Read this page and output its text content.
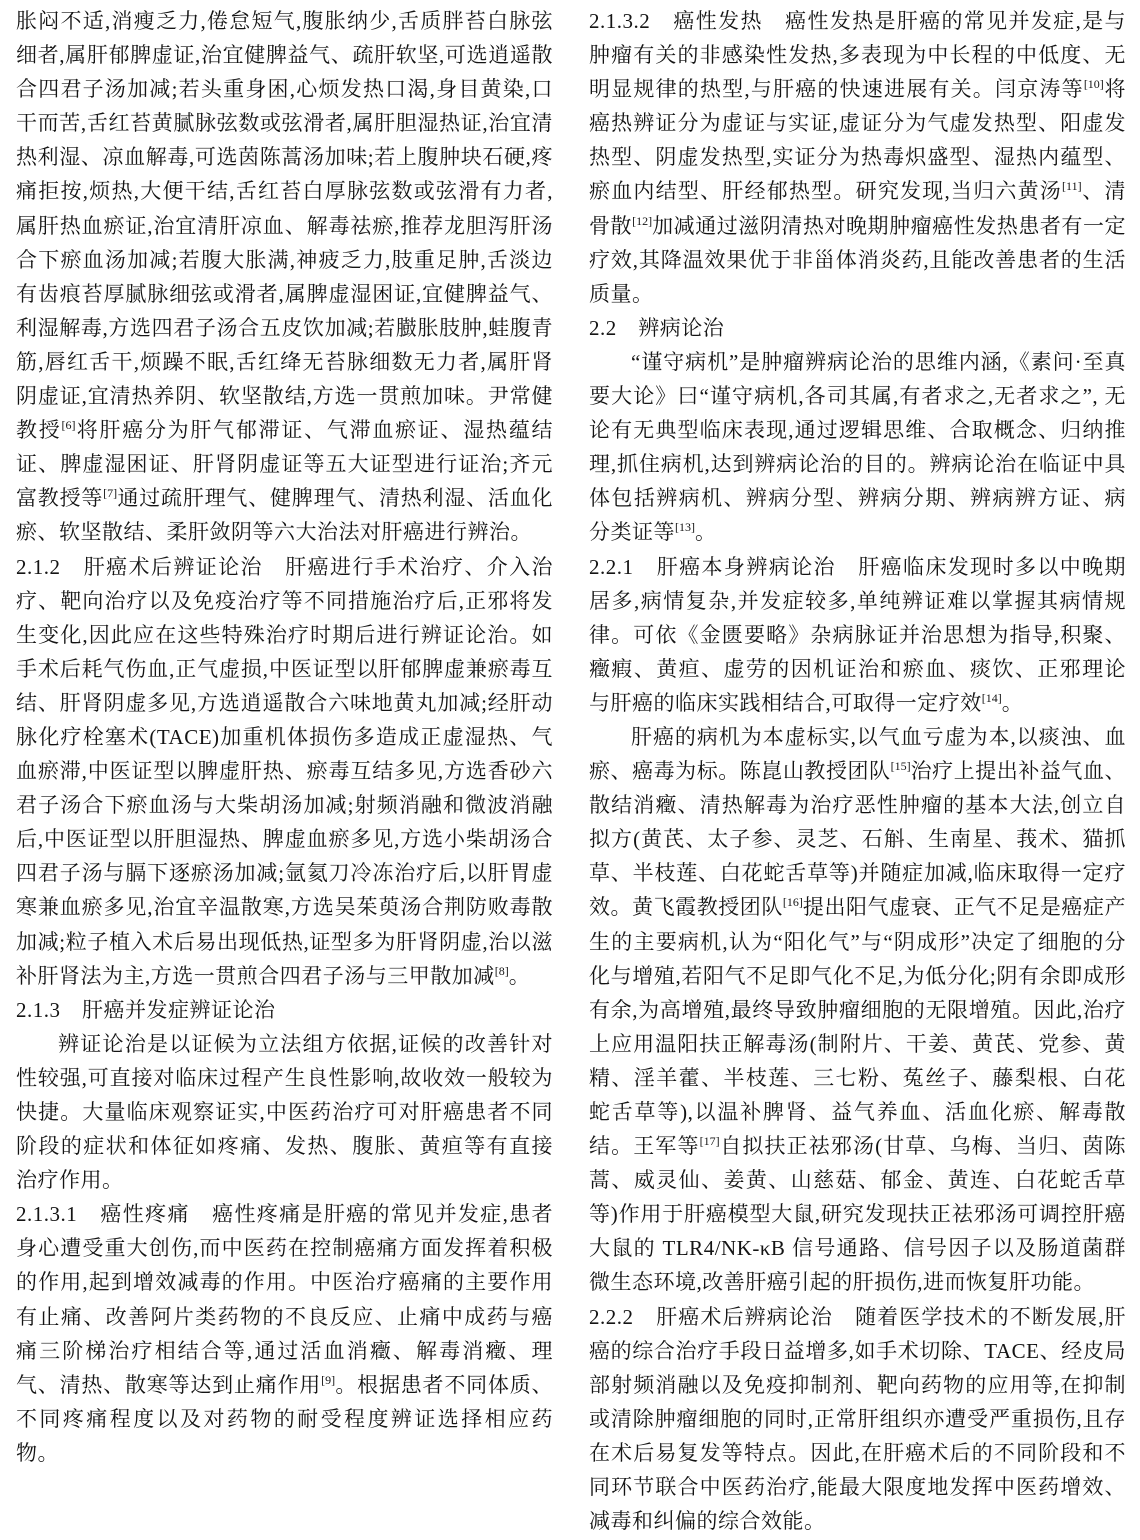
胀闷不适,消瘦乏力,倦怠短气,腹胀纳少,舌质胖苔白脉弦细者,属肝郁脾虚证,治宜健脾益气、疏肝软坚,可选逍遥散合四君子汤加减;若头重身困,心烦发热口渴,身目黄染,口干而苦,舌红苔黄腻脉弦数或弦滑者,属肝胆湿热证,治宜清热利湿、凉血解毒,可选茵陈蒿汤加味;若上腹肿块石硬,疼痛拒按,烦热,大便干结,舌红苔白厚脉弦数或弦滑有力者,属肝热血瘀证,治宜清肝凉血、解毒祛瘀,推荐龙胆泻肝汤合下瘀血汤加减;若腹大胀满,神疲乏力,肢重足肿,舌淡边有齿痕苔厚腻脉细弦或滑者,属脾虚湿困证,宜健脾益气、利湿解毒,方选四君子汤合五皮饮加减;若臌胀肢肿,蛙腹青筋,唇红舌干,烦躁不眠,舌红绛无苔脉细数无力者,属肝肾阴虚证,宜清热养阴、软坚散结,方选一贯煎加味。尹常健教授[6]将肝癌分为肝气郁滞证、气滞血瘀证、湿热蕴结证、脾虚湿困证、肝肾阴虚证等五大证型进行证治;齐元富教授等[7]通过疏肝理气、健脾理气、清热利湿、活血化瘀、软坚散结、柔肝敛阴等六大治法对肝癌进行辨治。

2.1.2　肝癌术后辨证论治　肝癌进行手术治疗、介入治疗、靶向治疗以及免疫治疗等不同措施治疗后,正邪将发生变化,因此应在这些特殊治疗时期后进行辨证论治。如手术后耗气伤血,正气虚损,中医证型以肝郁脾虚兼瘀毒互结、肝肾阴虚多见,方选逍遥散合六味地黄丸加减;经肝动脉化疗栓塞术(TACE)加重机体损伤多造成正虚湿热、气血瘀滞,中医证型以脾虚肝热、瘀毒互结多见,方选香砂六君子汤合下瘀血汤与大柴胡汤加减;射频消融和微波消融后,中医证型以肝胆湿热、脾虚血瘀多见,方选小柴胡汤合四君子汤与膈下逐瘀汤加减;氩氦刀冷冻治疗后,以肝胃虚寒兼血瘀多见,治宜辛温散寒,方选吴茱萸汤合荆防败毒散加减;粒子植入术后易出现低热,证型多为肝肾阴虚,治以滋补肝肾法为主,方选一贯煎合四君子汤与三甲散加减[8]。

2.1.3　肝癌并发症辨证论治

辨证论治是以证候为立法组方依据,证候的改善针对性较强,可直接对临床过程产生良性影响,故收效一般较为快捷。大量临床观察证实,中医药治疗可对肝癌患者不同阶段的症状和体征如疼痛、发热、腹胀、黄疸等有直接治疗作用。

2.1.3.1　癌性疼痛　癌性疼痛是肝癌的常见并发症,患者身心遭受重大创伤,而中医药在控制癌痛方面发挥着积极的作用,起到增效减毒的作用。中医治疗癌痛的主要作用有止痛、改善阿片类药物的不良反应、止痛中成药与癌痛三阶梯治疗相结合等,通过活血消癥、解毒消癥、理气、清热、散寒等达到止痛作用[9]。根据患者不同体质、不同疼痛程度以及对药物的耐受程度辨证选择相应药物。

2.1.3.2　癌性发热　癌性发热是肝癌的常见并发症,是与肿瘤有关的非感染性发热,多表现为中长程的中低度、无明显规律的热型,与肝癌的快速进展有关。闫京涛等[10]将癌热辨证分为虚证与实证,虚证分为气虚发热型、阳虚发热型、阴虚发热型,实证分为热毒炽盛型、湿热内蕴型、瘀血内结型、肝经郁热型。研究发现,当归六黄汤[11]、清骨散[12]加减通过滋阴清热对晚期肿瘤癌性发热患者有一定疗效,其降温效果优于非甾体消炎药,且能改善患者的生活质量。

2.2　辨病论治

“谨守病机”是肿瘤辨病论治的思维内涵,《素问·至真要大论》曰“谨守病机,各司其属,有者求之,无者求之”, 无论有无典型临床表现,通过逻辑思维、合取概念、归纳推理,抓住病机,达到辨病论治的目的。辨病论治在临证中具体包括辨病机、辨病分型、辨病分期、辨病辨方证、病分类证等[13]。

2.2.1　肝癌本身辨病论治　肝癌临床发现时多以中晚期居多,病情复杂,并发症较多,单纯辨证难以掌握其病情规律。可依《金匮要略》杂病脉证并治思想为指导,积聚、癥瘕、黄疸、虚劳的因机证治和瘀血、痰饮、正邪理论与肝癌的临床实践相结合,可取得一定疗效[14]。

肝癌的病机为本虚标实,以气血亏虚为本,以痰浊、血瘀、癌毒为标。陈崑山教授团队[15]治疗上提出补益气血、散结消癥、清热解毒为治疗恶性肿瘤的基本大法,创立自拟方(黄芪、太子参、灵芝、石斛、生南星、莪术、猫抓草、半枝莲、白花蛇舌草等)并随症加减,临床取得一定疗效。黄飞霞教授团队[16]提出阳气虚衰、正气不足是癌症产生的主要病机,认为“阳化气”与“阴成形”决定了细胞的分化与增殖,若阳气不足即气化不足,为低分化;阴有余即成形有余,为高增殖,最终导致肿瘤细胞的无限增殖。因此,治疗上应用温阳扶正解毒汤(制附片、干姜、黄芪、党参、黄精、淫羊藿、半枝莲、三七粉、菟丝子、藤梨根、白花蛇舌草等),以温补脾肾、益气养血、活血化瘀、解毒散结。王军等[17]自拟扶正祛邪汤(甘草、乌梅、当归、茵陈蒿、威灵仙、姜黄、山慈菇、郁金、黄连、白花蛇舌草等)作用于肝癌模型大鼠,研究发现扶正祛邪汤可调控肝癌大鼠的 TLR4/NK-κB 信号通路、信号因子以及肠道菌群微生态环境,改善肝癌引起的肝损伤,进而恢复肝功能。

2.2.2　肝癌术后辨病论治　随着医学技术的不断发展,肝癌的综合治疗手段日益增多,如手术切除、TACE、经皮局部射频消融以及免疫抑制剂、靶向药物的应用等,在抑制或清除肿瘤细胞的同时,正常肝组织亦遭受严重损伤,且存在术后易复发等特点。因此,在肝癌术后的不同阶段和不同环节联合中医药治疗,能最大限度地发挥中医药增效、减毒和纠偏的综合效能。
